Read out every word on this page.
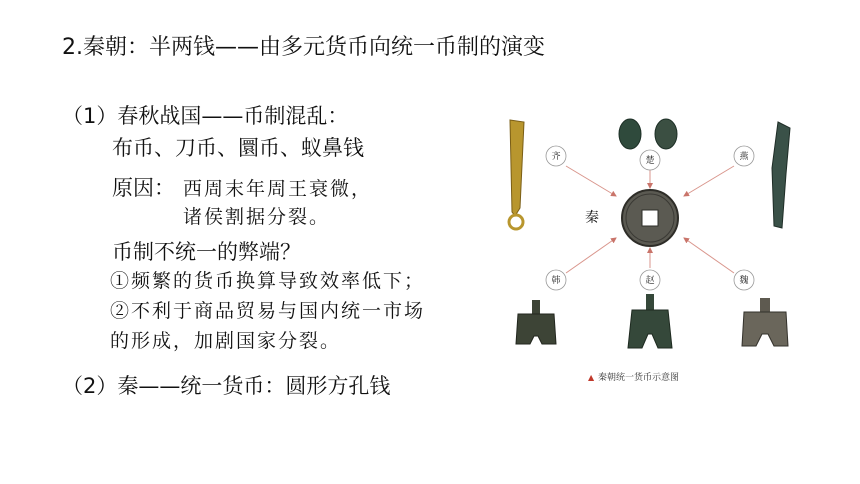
2.秦朝：半两钱——由多元货币向统一币制的演变
（1）春秋战国——币制混乱：
布币、刀币、圜币、蚁鼻钱
原因： 西周末年周王衰微，
诸侯割据分裂。
币制不统一的弊端？
①频繁的货币换算导致效率低下；
②不利于商品贸易与国内统一市场
的形成，加剧国家分裂。
（2）秦——统一货币：圆形方孔钱
齐	楚	燕
韩	赵	魏
秦
半两
▲ 秦朝统一货币示意图
